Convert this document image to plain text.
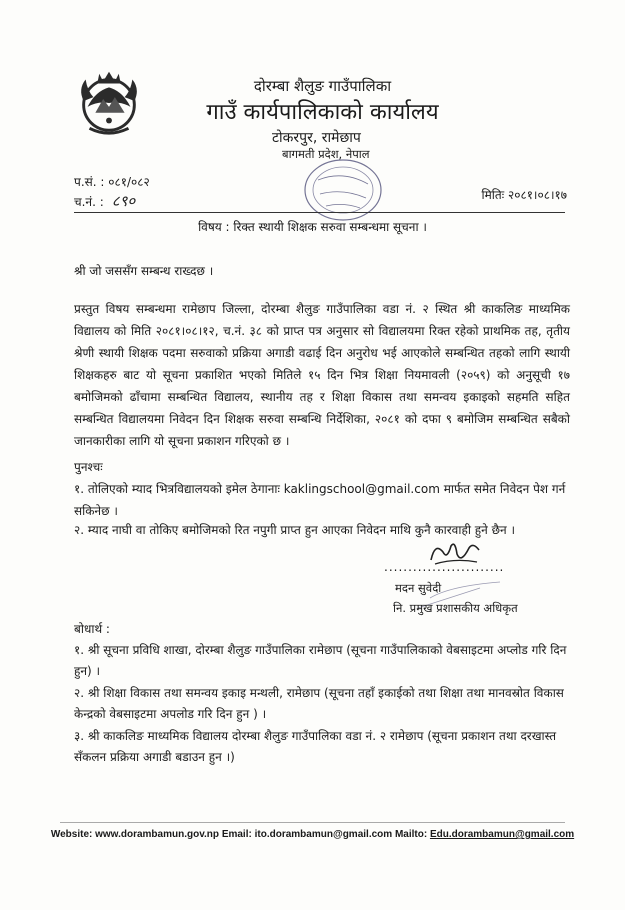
दोरम्बा शैलुङ गाउँपालिका
गाउँ कार्यपालिकाको कार्यालय
टोकरपुर, रामेछाप
बागमती प्रदेश, नेपाल
प.सं. : ०८१/०८२
च.नं. : ८९०	मितिः २०८१।०८।१७
विषय : रिक्त स्थायी शिक्षक सरुवा सम्बन्धमा सूचना ।
श्री जो जससँग सम्बन्ध राख्दछ ।

प्रस्तुत विषय सम्बन्धमा रामेछाप जिल्ला, दोरम्बा शैलुङ गाउँपालिका वडा नं. २ स्थित श्री काकलिङ माध्यमिक विद्यालय को मिति २०८१।०८।१२, च.नं. ३८ को प्राप्त पत्र अनुसार सो विद्यालयमा रिक्त रहेको प्राथमिक तह, तृतीय श्रेणी स्थायी शिक्षक पदमा सरुवाको प्रक्रिया अगाडी वढाई दिन अनुरोध भई आएकोले सम्बन्धित तहको लागि स्थायी शिक्षकहरु बाट यो सूचना प्रकाशित भएको मितिले १५ दिन भित्र शिक्षा नियमावली (२०५९) को अनुसूची १७ बमोजिमको ढाँचामा सम्बन्धित विद्यालय, स्थानीय तह र शिक्षा विकास तथा समन्वय इकाइको सहमति सहित सम्बन्धित विद्यालयमा निवेदन दिन शिक्षक सरुवा सम्बन्धि निर्देशिका, २०८१ को दफा ९ बमोजिम सम्बन्धित सबैको जानकारीका लागि यो सूचना प्रकाशन गरिएको छ ।

पुनश्चः

१. तोलिएको म्याद भित्रविद्यालयको इमेल ठेगानाः kaklingschool@gmail.com मार्फत समेत निवेदन पेश गर्न सकिनेछ ।

२. म्याद नाघी वा तोकिए बमोजिमको रित नपुगी प्राप्त हुन आएका निवेदन माथि कुनै कारवाही हुने छैन ।

.........................
मदन सुवेदी
नि. प्रमुख प्रशासकीय अधिकृत
बोधार्थ :

१. श्री सूचना प्रविधि शाखा, दोरम्बा शैलुङ गाउँपालिका रामेछाप (सूचना गाउँपालिकाको वेबसाइटमा अप्लोड गरि दिन हुन) ।

२. श्री शिक्षा विकास तथा समन्वय इकाइ मन्थली, रामेछाप (सूचना तहाँ इकाईको तथा शिक्षा तथा मानवस्रोत विकास केन्द्रको वेबसाइटमा अपलोड गरि दिन हुन ) ।

३. श्री काकलिङ माध्यमिक विद्यालय दोरम्बा शैलुङ गाउँपालिका वडा नं. २ रामेछाप (सूचना प्रकाशन तथा दरखास्त सँकलन प्रक्रिया अगाडी बडाउन हुन ।)

Website: www.dorambamun.gov.np Email: ito.dorambamun@gmail.com Mailto: Edu.dorambamun@gmail.com
